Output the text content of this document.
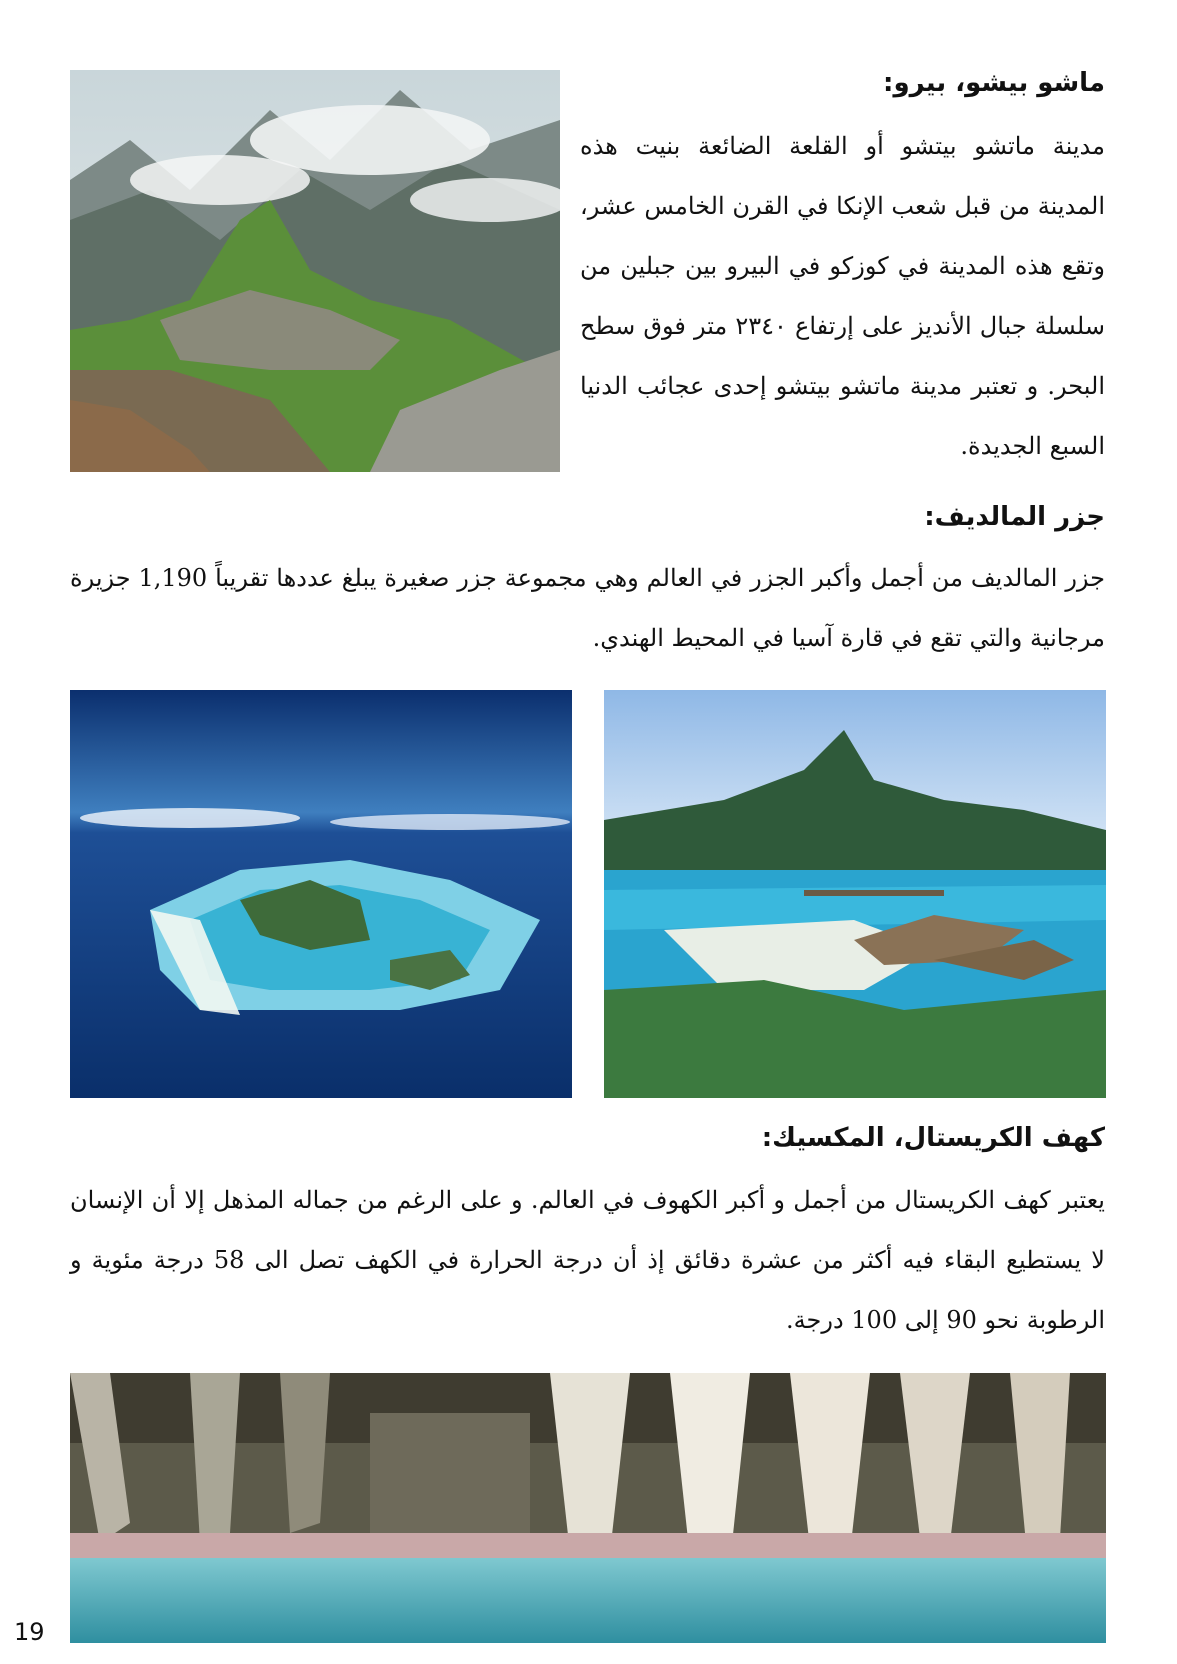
ماشو بيشو، بيرو:
مدينة ماتشو بيتشو أو القلعة الضائعة بنيت هذه المدينة من قبل شعب الإنكا في القرن الخامس عشر، وتقع هذه المدينة في كوزكو في البيرو بين جبلين من سلسلة جبال الأنديز على إرتفاع ٢٣٤٠ متر فوق سطح البحر. و تعتبر مدينة ماتشو بيتشو إحدى عجائب الدنيا السبع الجديدة.
جزر المالديف:
جزر المالديف من أجمل وأكبر الجزر في العالم وهي مجموعة جزر صغيرة يبلغ عددها تقريباً 1,190 جزيرة مرجانية والتي تقع في قارة آسيا في المحيط الهندي.
كهف الكريستال، المكسيك:
يعتبر كهف الكريستال من أجمل و أكبر الكهوف في العالم. و على الرغم من جماله المذهل إلا أن الإنسان لا يستطيع البقاء فيه أكثر من عشرة دقائق إذ أن درجة الحرارة في الكهف تصل الى 58 درجة مئوية و الرطوبة نحو 90 إلى 100 درجة.
19
